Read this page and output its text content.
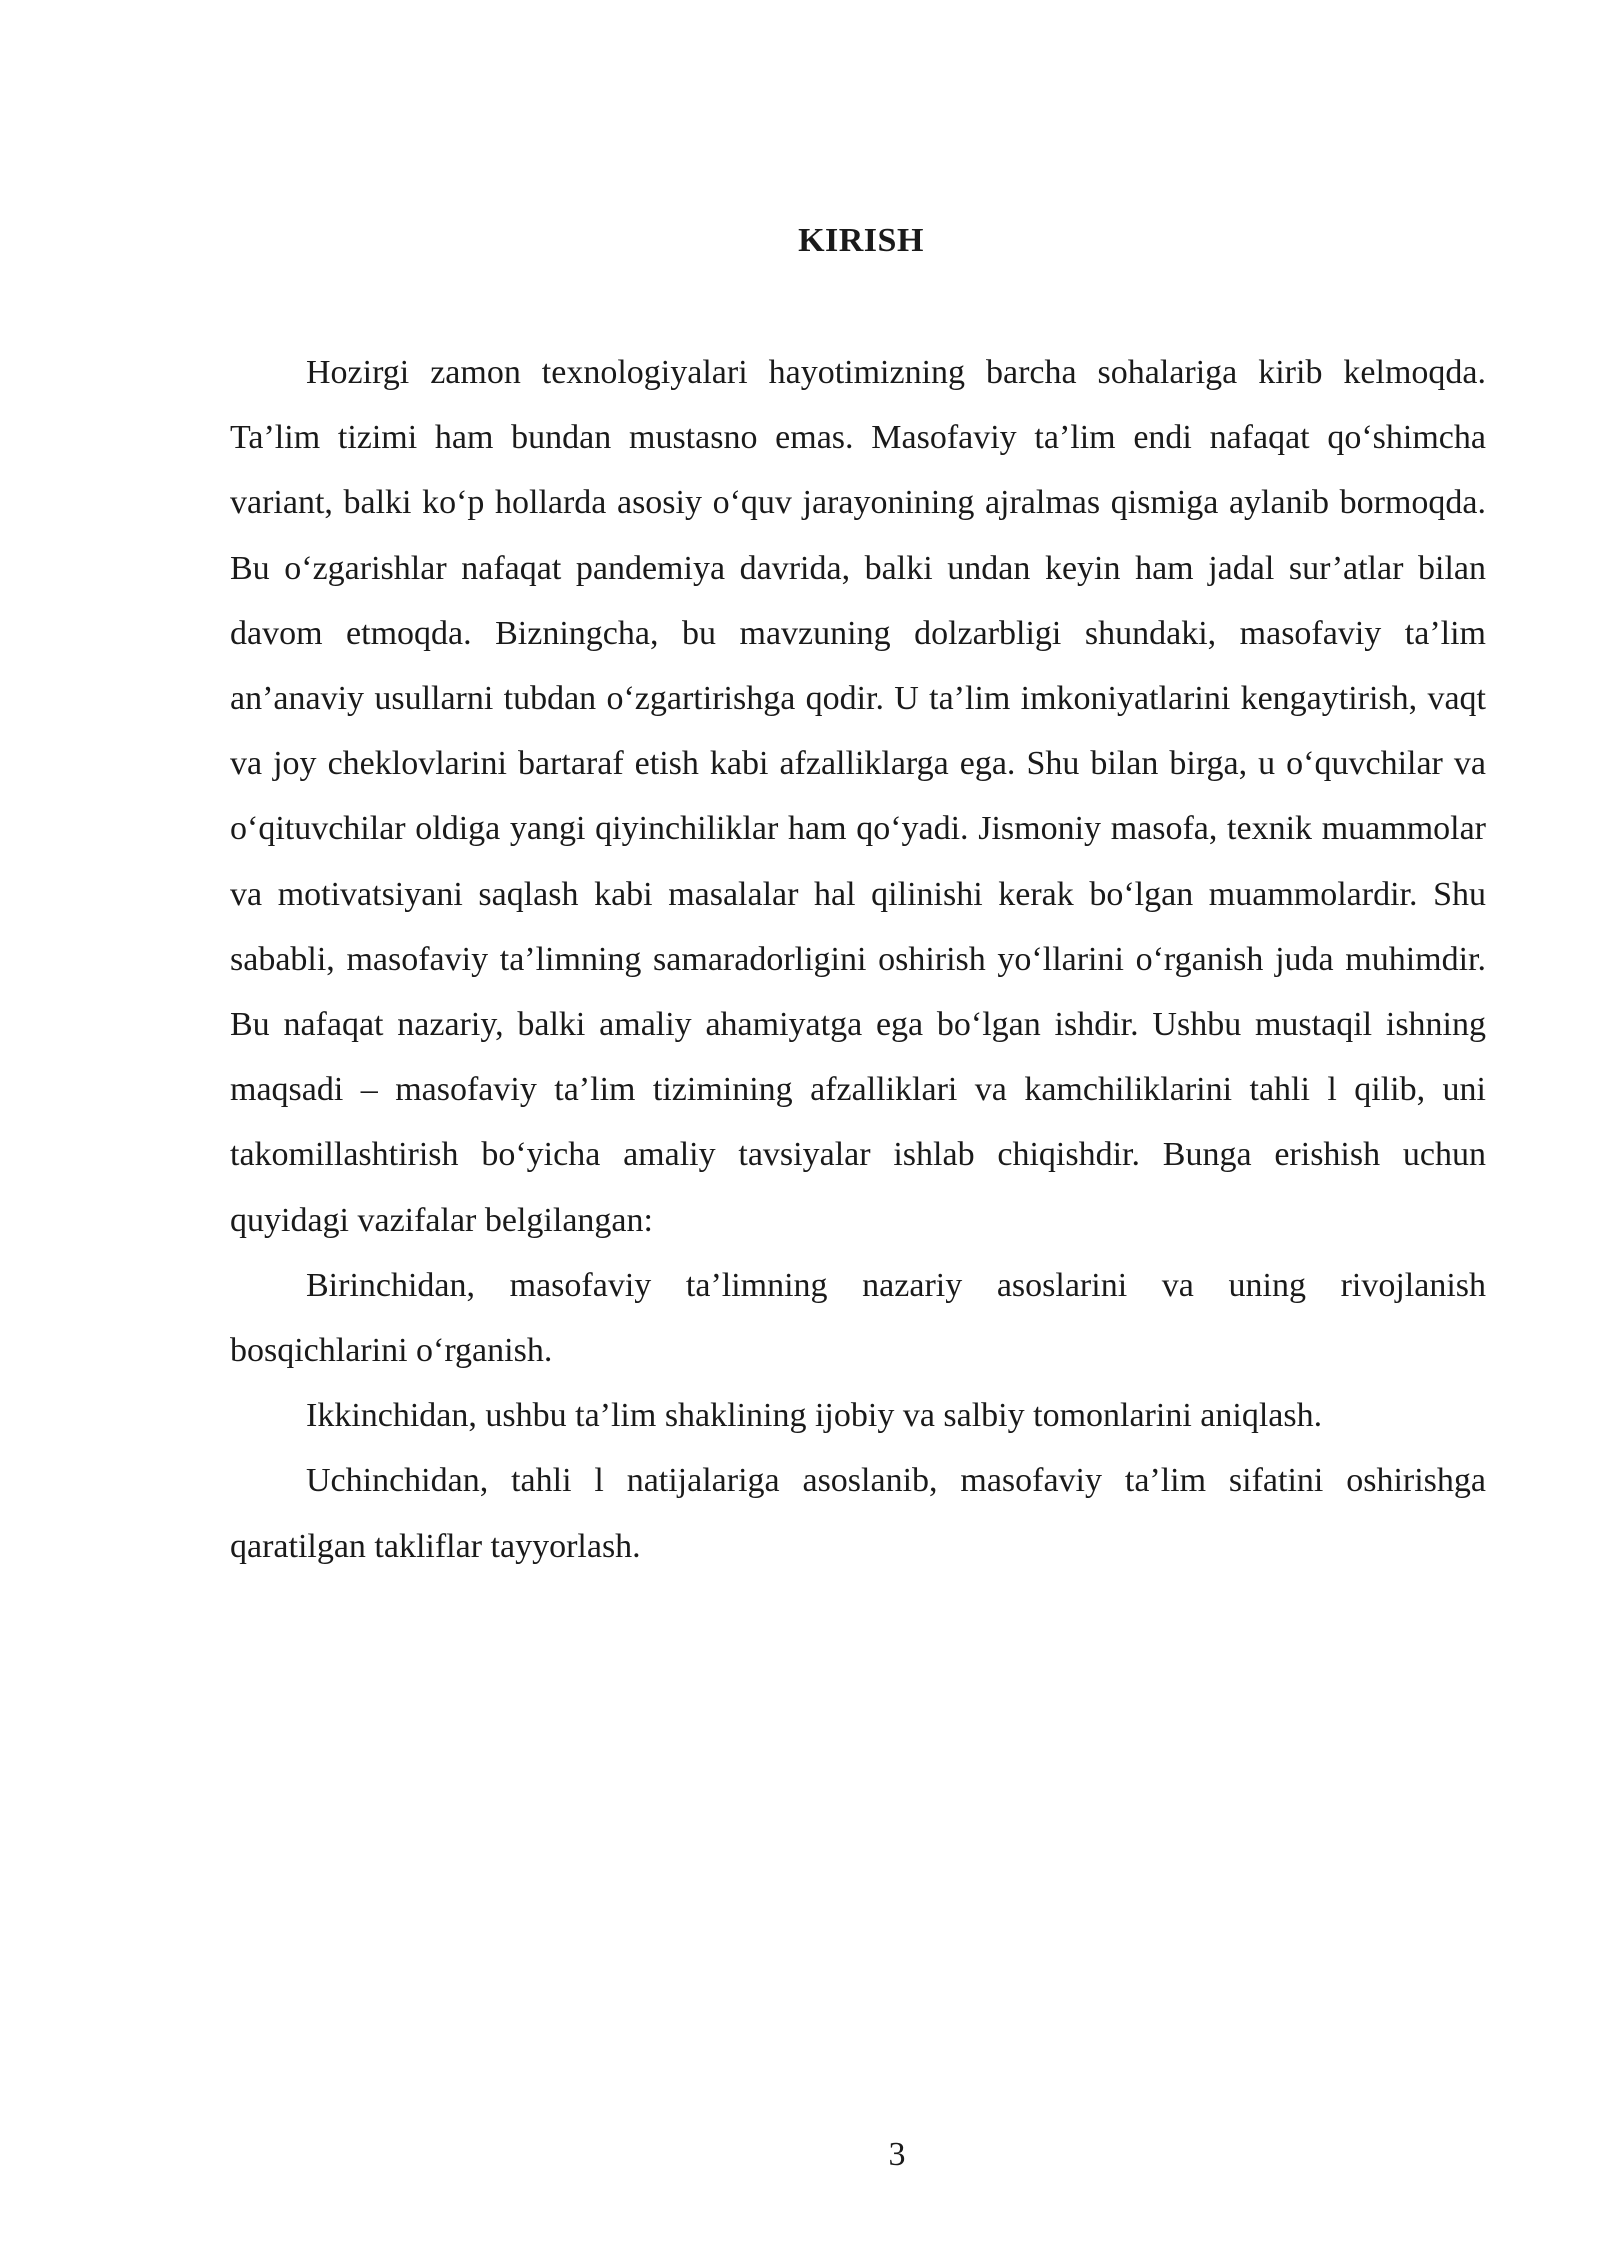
KIRISH

Hozirgi zamon texnologiyalari hayotimizning barcha sohalariga kirib kelmoqda. Ta’lim tizimi ham bundan mustasno emas. Masofaviy ta’lim endi nafaqat qo‘shimcha variant, balki ko‘p hollarda asosiy o‘quv jarayonining ajralmas qismiga aylanib bormoqda. Bu o‘zgarishlar nafaqat pandemiya davrida, balki undan keyin ham jadal sur’atlar bilan davom etmoqda. Bizningcha, bu mavzuning dolzarbligi shundaki, masofaviy ta’lim an’anaviy usullarni tubdan o‘zgartirishga qodir. U ta’lim imkoniyatlarini kengaytirish, vaqt va joy cheklovlarini bartaraf etish kabi afzalliklarga ega. Shu bilan birga, u o‘quvchilar va o‘qituvchilar oldiga yangi qiyinchiliklar ham qo‘yadi. Jismoniy masofa, texnik muammolar va motivatsiyani saqlash kabi masalalar hal qilinishi kerak bo‘lgan muammolardir. Shu sababli, masofaviy ta’limning samaradorligini oshirish yo‘llarini o‘rganish juda muhimdir. Bu nafaqat nazariy, balki amaliy ahamiyatga ega bo‘lgan ishdir. Ushbu mustaqil ishning maqsadi – masofaviy ta’lim tizimining afzalliklari va kamchiliklarini tahli l qilib, uni takomillashtirish bo‘yicha amaliy tavsiyalar ishlab chiqishdir. Bunga erishish uchun quyidagi vazifalar belgilangan:

Birinchidan, masofaviy ta’limning nazariy asoslarini va uning rivojlanish bosqichlarini o‘rganish.

Ikkinchidan, ushbu ta’lim shaklining ijobiy va salbiy tomonlarini aniqlash.

Uchinchidan, tahli l natijalariga asoslanib, masofaviy ta’lim sifatini oshirishga qaratilgan takliflar tayyorlash.

3
